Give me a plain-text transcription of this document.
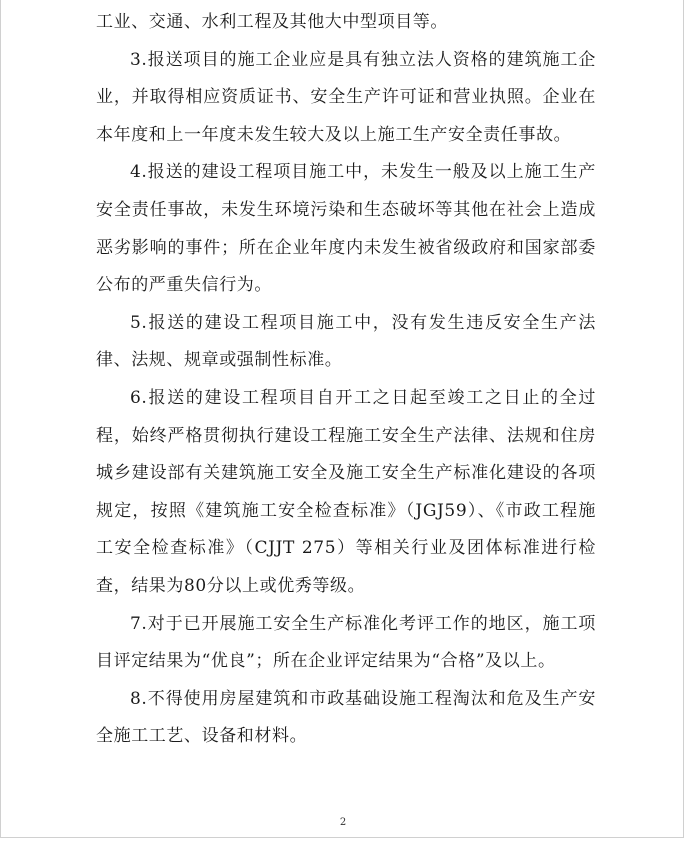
工业、交通、水利工程及其他大中型项目等。

3.报送项目的施工企业应是具有独立法人资格的建筑施工企业，并取得相应资质证书、安全生产许可证和营业执照。企业在本年度和上一年度未发生较大及以上施工生产安全责任事故。

4.报送的建设工程项目施工中，未发生一般及以上施工生产安全责任事故，未发生环境污染和生态破坏等其他在社会上造成恶劣影响的事件；所在企业年度内未发生被省级政府和国家部委公布的严重失信行为。

5.报送的建设工程项目施工中，没有发生违反安全生产法律、法规、规章或强制性标准。

6.报送的建设工程项目自开工之日起至竣工之日止的全过程，始终严格贯彻执行建设工程施工安全生产法律、法规和住房城乡建设部有关建筑施工安全及施工安全生产标准化建设的各项规定，按照《建筑施工安全检查标准》（JGJ59）、《市政工程施工安全检查标准》（CJJT 275）等相关行业及团体标准进行检查，结果为80分以上或优秀等级。

7.对于已开展施工安全生产标准化考评工作的地区，施工项目评定结果为“优良”；所在企业评定结果为“合格”及以上。

8.不得使用房屋建筑和市政基础设施工程淘汰和危及生产安全施工工艺、设备和材料。

2
